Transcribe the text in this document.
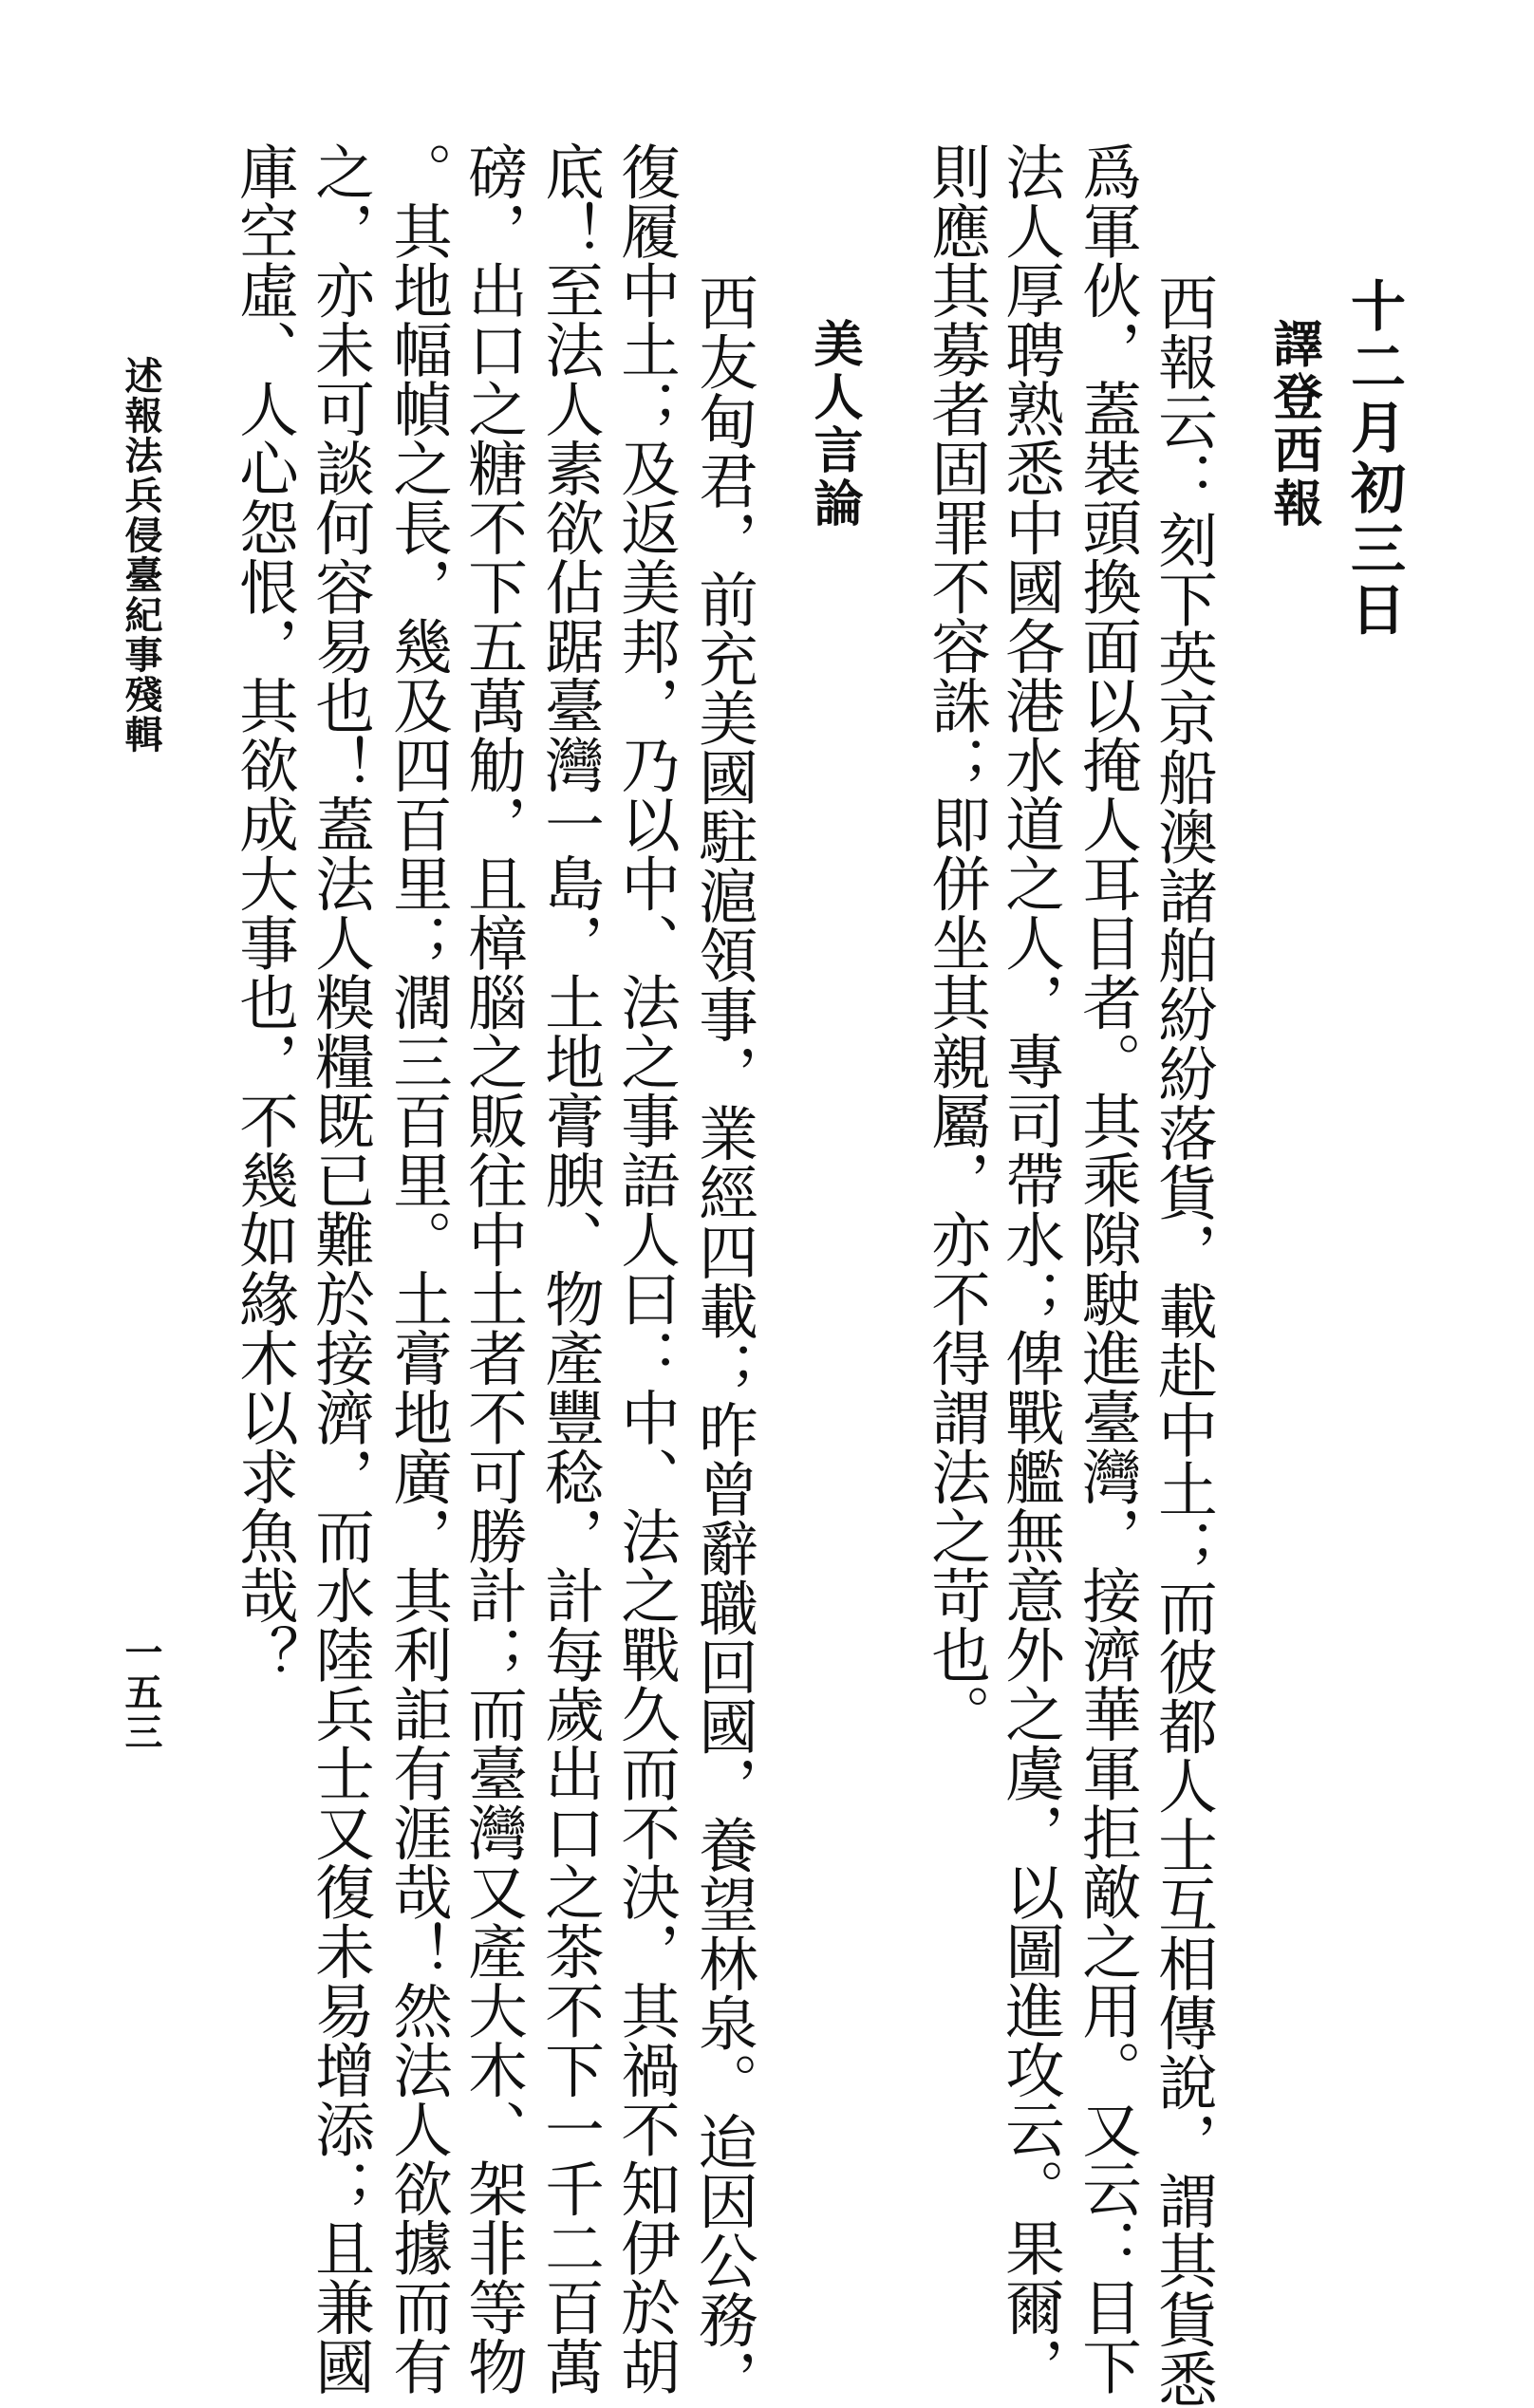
十二月初三日
譯登西報
西報云：刻下英京船澳諸舶紛紛落貨，載赴中土；而彼都人士互相傳說，謂其貨悉
爲軍伙，蓋裝頭換面以掩人耳目者。其乘隙駛進臺灣，接濟華軍拒敵之用。又云：目下
法人厚聘熟悉中國各港水道之人，專司帶水；俾戰艦無意外之虞，以圖進攻云。果爾，
則應其募者固罪不容誅；即併坐其親屬，亦不得謂法之苛也。
美人言論
西友甸君，前充美國駐滬領事，業經四載；昨曾辭職回國，養望林泉。迨因公務，
復履中土；及返美邦，乃以中、法之事語人曰：中、法之戰久而不決，其禍不知伊於胡
底！至法人素欲佔踞臺灣一島，土地膏腴、物產豐稔，計每歲出口之茶不下一千二百萬
磅，出口之糖不下五萬觔，且樟腦之販往中土者不可勝計；而臺灣又產大木、架非等物
。其地幅幀之長，幾及四百里；濶三百里。土膏地廣，其利詎有涯哉！然法人欲據而有
之，亦未可談何容易也！蓋法人糗糧既已難於接濟，而水陸兵士又復未易增添；且兼國
庫空虛、人心怨恨，其欲成大事也，不幾如緣木以求魚哉？
述報法兵侵臺紀事殘輯
一五三
